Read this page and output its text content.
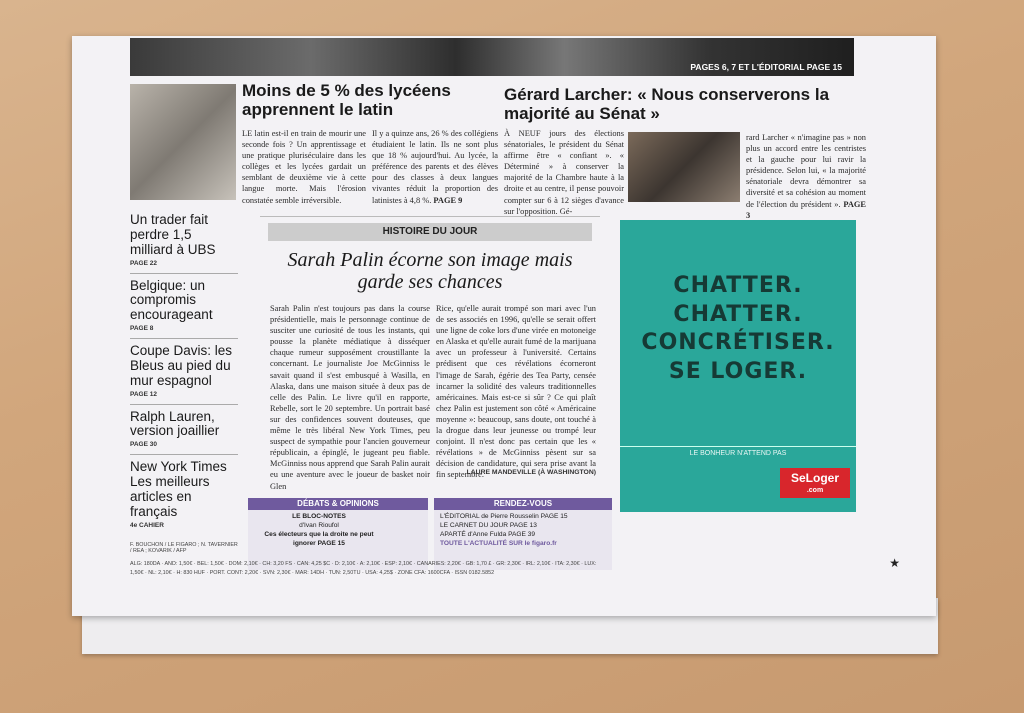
PAGES 6, 7 ET L'ÉDITORIAL PAGE 15
Moins de 5 % des lycéens apprennent le latin
LE latin est-il en train de mourir une seconde fois ? Un apprentissage et une pratique pluriséculaire dans les collèges et les lycées gardait un semblant de deuxième vie à cette langue morte. Mais l'érosion constatée semble irréversible.
Il y a quinze ans, 26 % des collégiens étudiaient le latin. Ils ne sont plus que 18 % aujourd'hui. Au lycée, la préférence des parents et des élèves pour des classes à deux langues vivantes réduit la proportion des latinistes à 4,8 %. PAGE 9
Gérard Larcher: « Nous conserverons la majorité au Sénat »
À NEUF jours des élections sénatoriales, le président du Sénat affirme être « confiant ». « Déterminé » à conserver la majorité de la Chambre haute à la droite et au centre, il pense pouvoir compter sur 6 à 12 sièges d'avance sur l'opposition. Gé-
rard Larcher « n'imagine pas » non plus un accord entre les centristes et la gauche pour lui ravir la présidence. Selon lui, « la majorité sénatoriale devra démontrer sa diversité et sa cohésion au moment de l'élection du président ». PAGE 3
Un trader fait perdre 1,5 milliard à UBS
PAGE 22
Belgique: un compromis encourageant
PAGE 8
Coupe Davis: les Bleus au pied du mur espagnol
PAGE 12
Ralph Lauren, version joaillier
PAGE 30
New York Times Les meilleurs articles en français
4e CAHIER
HISTOIRE DU JOUR
Sarah Palin écorne son image mais garde ses chances
Sarah Palin n'est toujours pas dans la course présidentielle, mais le personnage continue de susciter une curiosité de tous les instants, qui pousse la planète médiatique à disséquer chaque rumeur supposément croustillante la concernant. Le journaliste Joe McGinniss le savait quand il s'est embusqué à Wasilla, en Alaska, dans une maison située à deux pas de celle des Palin. Le livre qu'il en rapporte, Rebelle, sort le 20 septembre. Un portrait basé sur des confidences souvent douteuses, que même le très libéral New York Times, peu suspect de sympathie pour l'ancien gouverneur républicain, a épinglé, le jugeant peu fiable. McGinniss nous apprend que Sarah Palin aurait eu une aventure avec le joueur de basket noir Glen
Rice, qu'elle aurait trompé son mari avec l'un de ses associés en 1996, qu'elle se serait offert une ligne de coke lors d'une virée en motoneige en Alaska et qu'elle aurait fumé de la marijuana avec un professeur à l'université. Certains prédisent que ces révélations écorneront l'image de Sarah, égérie des Tea Party, censée incarner la solidité des valeurs traditionnelles américaines. Mais est-ce si sûr ? Ce qui plaît chez Palin est justement son côté « Américaine moyenne »: beaucoup, sans doute, ont touché à la drogue dans leur jeunesse ou trompé leur conjoint. Il n'est donc pas certain que les « révélations » de McGinniss pèsent sur sa décision de candidature, qui sera prise avant la fin septembre.
LAURE MANDEVILLE (À WASHINGTON)
CHATTER.
CHATTER.
CONCRÉTISER.
SE LOGER.
LE BONHEUR N'ATTEND PAS
SeLoger
.com
DÉBATS & OPINIONS
LE BLOC-NOTES
d'Ivan Rioufol
Ces électeurs que la droite ne peut ignorer PAGE 15
RENDEZ-VOUS
L'ÉDITORIAL de Pierre Rousselin PAGE 15
LE CARNET DU JOUR PAGE 13
APARTÉ d'Anne Fulda PAGE 39
TOUTE L'ACTUALITÉ SUR le figaro.fr
F. BOUCHON / LE FIGARO ; N. TAVERNIER / REA ; KOVARIK / AFP
ALG: 180DA · AND: 1,50€ · BEL: 1,50€ · DOM: 2,10€ · CH: 3,20 FS · CAN: 4,25 $C · D: 2,10€ · A: 2,10€ · ESP: 2,10€ · CANARIES: 2,20€ · GB: 1,70 £ · GR: 2,30€ · IRL: 2,10€ · ITA: 2,30€ · LUX: 1,50€ · NL: 2,10€ · H: 830 HUF · PORT. CONT: 2,20€ · SVN: 2,30€ · MAR: 14DH · TUN: 2,50TU · USA: 4,25$ · ZONE CFA: 1600CFA · ISSN 0182.5852
★
